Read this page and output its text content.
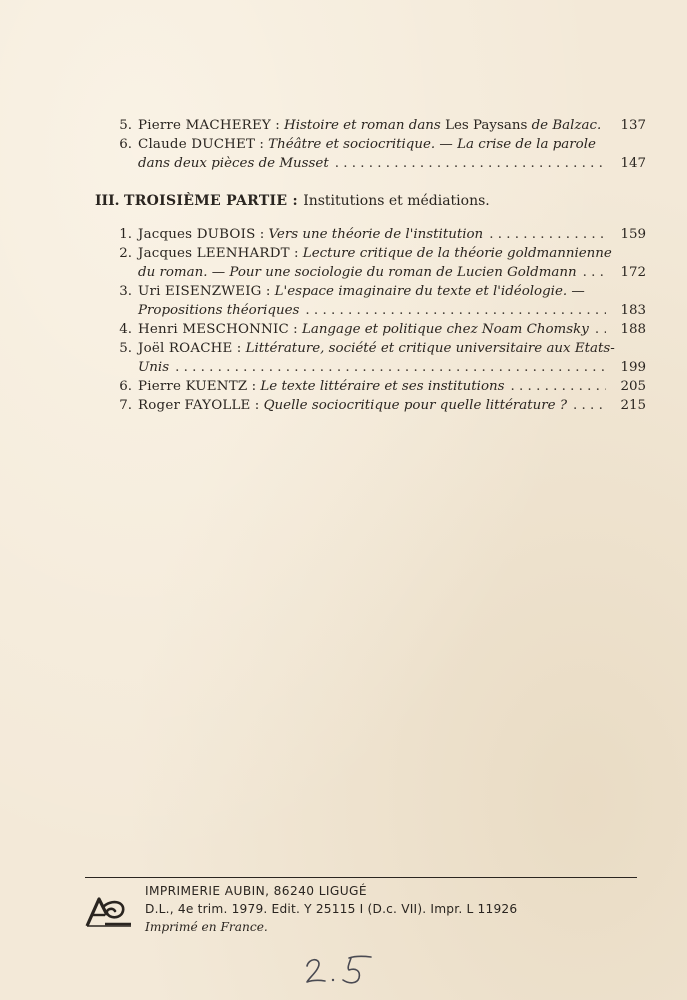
5. Pierre MACHEREY : Histoire et roman dans Les Paysans de Balzac.	137
6. Claude DUCHET : Théâtre et sociocritique. — La crise de la parole
dans deux pièces de Musset . . .	147
III. TROISIÈME PARTIE : Institutions et médiations.
1. Jacques DUBOIS : Vers une théorie de l'institution . . .	159
2. Jacques LEENHARDT : Lecture critique de la théorie goldmannienne
du roman. — Pour une sociologie du roman de Lucien Goldmann . . .	172
3. Uri EISENZWEIG : L'espace imaginaire du texte et l'idéologie. —
Propositions théoriques . . .	183
4. Henri MESCHONNIC : Langage et politique chez Noam Chomsky . . .	188
5. Joël ROACHE : Littérature, société et critique universitaire aux Etats-
Unis . . .	199
6. Pierre KUENTZ : Le texte littéraire et ses institutions . . .	205
7. Roger FAYOLLE : Quelle sociocritique pour quelle littérature ? . . .	215
IMPRIMERIE AUBIN, 86240 LIGUGÉ
D.L., 4e trim. 1979. Edit. Y 25115 I (D.c. VII). Impr. L 11926
Imprimé en France.
